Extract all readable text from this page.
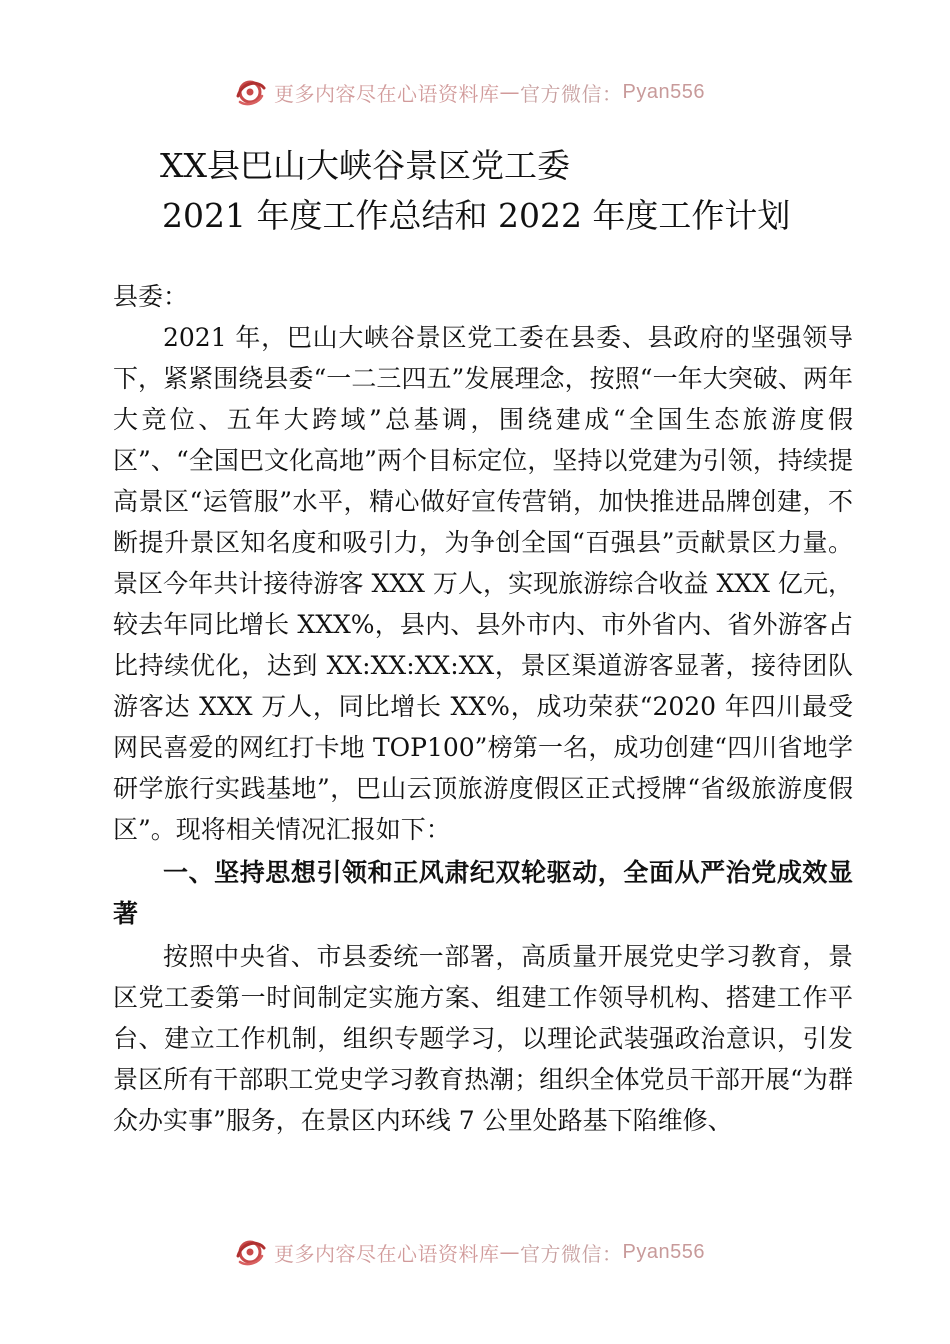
更多内容尽在心语资料库 — 官方微信： Pyan556
XX县巴山大峡谷景区党工委
2021 年度工作总结和 2022 年度工作计划

县委：

2021 年，巴山大峡谷景区党工委在县委、县政府的坚强领导下，紧紧围绕县委“一二三四五”发展理念，按照“一年大突破、两年大竞位、五年大跨域”总基调，围绕建成“全国生态旅游度假区”、“全国巴文化高地”两个目标定位，坚持以党建为引领，持续提高景区“运管服”水平，精心做好宣传营销，加快推进品牌创建，不断提升景区知名度和吸引力，为争创全国“百强县”贡献景区力量。景区今年共计接待游客 XXX 万人，实现旅游综合收益 XXX 亿元，较去年同比增长 XXX%，县内、县外市内、市外省内、省外游客占比持续优化，达到 XX:XX:XX:XX，景区渠道游客显著，接待团队游客达 XXX 万人，同比增长 XX%，成功荣获“2020 年四川最受网民喜爱的网红打卡地 TOP100”榜第一名，成功创建“四川省地学研学旅行实践基地”，巴山云顶旅游度假区正式授牌“省级旅游度假区”。现将相关情况汇报如下：

一、坚持思想引领和正风肃纪双轮驱动，全面从严治党成效显著

按照中央省、市县委统一部署，高质量开展党史学习教育，景区党工委第一时间制定实施方案、组建工作领导机构、搭建工作平台、建立工作机制，组织专题学习，以理论武装强政治意识，引发景区所有干部职工党史学习教育热潮；组织全体党员干部开展“为群众办实事”服务，在景区内环线 7 公里处路基下陷维修、

更多内容尽在心语资料库 — 官方微信： Pyan556
